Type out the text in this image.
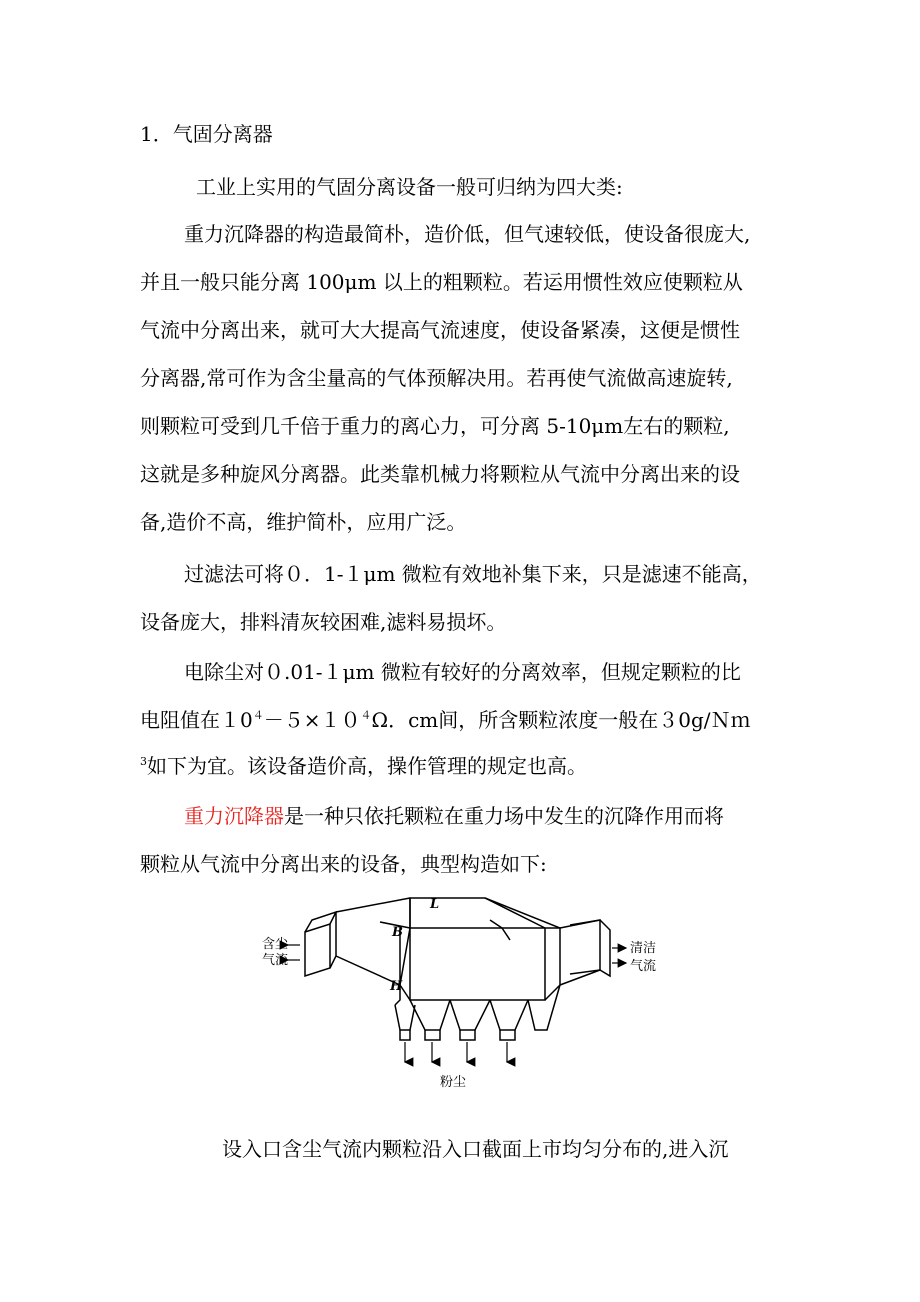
1．气固分离器
工业上实用的气固分离设备一般可归纳为四大类:
重力沉降器的构造最简朴，造价低，但气速较低，使设备很庞大,
并且一般只能分离 100μm 以上的粗颗粒。若运用惯性效应使颗粒从
气流中分离出来，就可大大提高气流速度，使设备紧凑，这便是惯性
分离器,常可作为含尘量高的气体预解决用。若再使气流做高速旋转,
则颗粒可受到几千倍于重力的离心力，可分离 5-10μm左右的颗粒,
这就是多种旋风分离器。此类靠机械力将颗粒从气流中分离出来的设
备,造价不高，维护简朴，应用广泛。
过滤法可将０．1-１μm 微粒有效地补集下来，只是滤速不能高，
设备庞大，排料清灰较困难,滤料易损坏。
电除尘对０.01-１μm 微粒有较好的分离效率，但规定颗粒的比
电阻值在$10^4-5\times 10^4\Omega$．cm间，所含颗粒浓度一般在３0g/Ｎｍ
$^3$如下为宜。该设备造价高，操作管理的规定也高。
重力沉降器是一种只依托颗粒在重力场中发生的沉降作用而将
颗粒从气流中分离出来的设备，典型构造如下:
L
B
H
含尘
气流
清洁
气流
粉尘
设入口含尘气流内颗粒沿入口截面上市均匀分布的,进入沉
